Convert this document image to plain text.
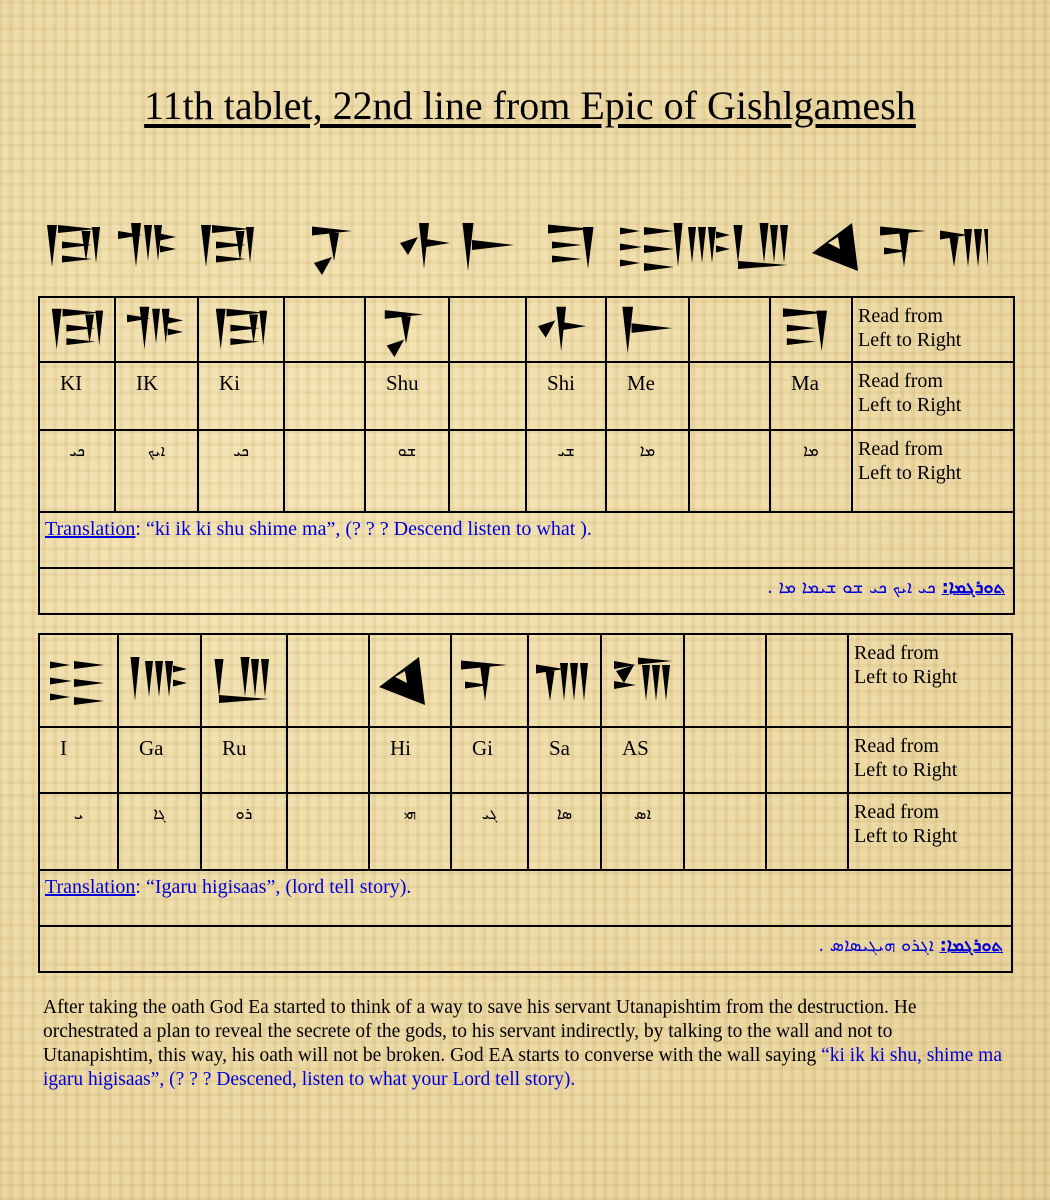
11th tablet, 22nd line from Epic of Gishlgamesh

	Read from
Left to Right
KI	IK	Ki		Shu		Shi	Me		Ma	Read from
Left to Right
ܟܝ	ܐܝܟ	ܟܝ		ܫܘ		ܫܝ	ܡܐ		ܡܐ	Read from
Left to Right
Translation: “ki ik ki shu shime ma”, (? ? ? Descend listen to what ).										
ܬܘܪܓܡܐ: ܟܝ ܐܝܟ ܟܝ ܫܘ ܫܝܡܐ ܡܐ .										

			Read from
Left to Right
I	Ga	Ru		Hi	Gi	Sa	AS			Read from
Left to Right
ܝ	ܓܐ	ܪܘ		ܗܝ	ܓܝ	ܣܐ	ܐܣ			Read from
Left to Right
Translation: “Igaru higisaas”, (lord tell story).										
ܬܘܪܓܡܐ: ܐܓܪܘ ܗܝܓܝܣܐܣ .										
After taking the oath God Ea started to think of a way to save his servant Utanapishtim from the destruction. He orchestrated a plan to reveal the secrete of the gods, to his servant indirectly, by talking to the wall and not to Utanapishtim, this way, his oath will not be broken. God EA starts to converse with the wall saying “ki ik ki shu, shime ma igaru higisaas”, (? ? ? Descened, listen to what your Lord tell story).
